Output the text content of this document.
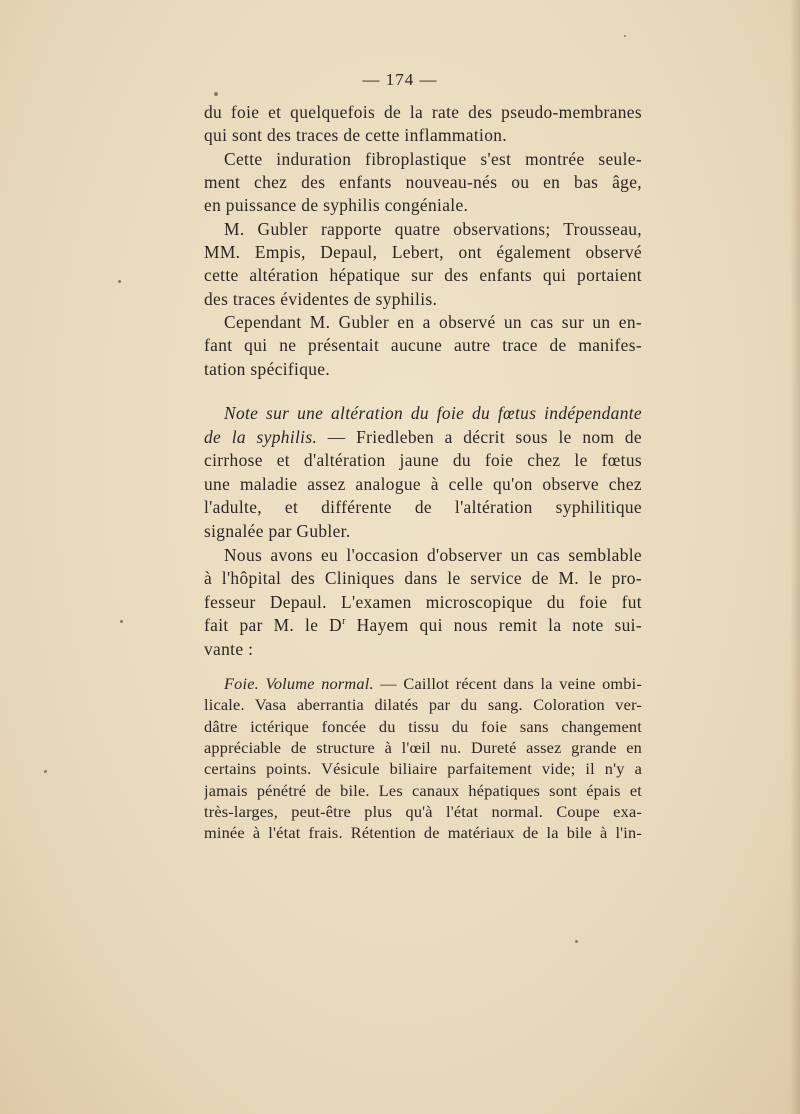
— 174 —
du foie et quelquefois de la rate des pseudo-membranes
qui sont des traces de cette inflammation.
Cette induration fibroplastique s'est montrée seule-
ment chez des enfants nouveau-nés ou en bas âge,
en puissance de syphilis congéniale.
M. Gubler rapporte quatre observations; Trousseau,
MM. Empis, Depaul, Lebert, ont également observé
cette altération hépatique sur des enfants qui portaient
des traces évidentes de syphilis.
Cependant M. Gubler en a observé un cas sur un en-
fant qui ne présentait aucune autre trace de manifes-
tation spécifique.
Note sur une altération du foie du fœtus indépendante
de la syphilis. — Friedleben a décrit sous le nom de
cirrhose et d'altération jaune du foie chez le fœtus
une maladie assez analogue à celle qu'on observe chez
l'adulte, et différente de l'altération syphilitique
signalée par Gubler.
Nous avons eu l'occasion d'observer un cas semblable
à l'hôpital des Cliniques dans le service de M. le pro-
fesseur Depaul. L'examen microscopique du foie fut
fait par M. le $D^r$ Hayem qui nous remit la note sui-
vante :
Foie. Volume normal. — Caillot récent dans la veine ombi-
licale. Vasa aberrantia dilatés par du sang. Coloration ver-
dâtre ictérique foncée du tissu du foie sans changement
appréciable de structure à l'œil nu. Dureté assez grande en
certains points. Vésicule biliaire parfaitement vide; il n'y a
jamais pénétré de bile. Les canaux hépatiques sont épais et
très-larges, peut-être plus qu'à l'état normal. Coupe exa-
minée à l'état frais. Rétention de matériaux de la bile à l'in-
